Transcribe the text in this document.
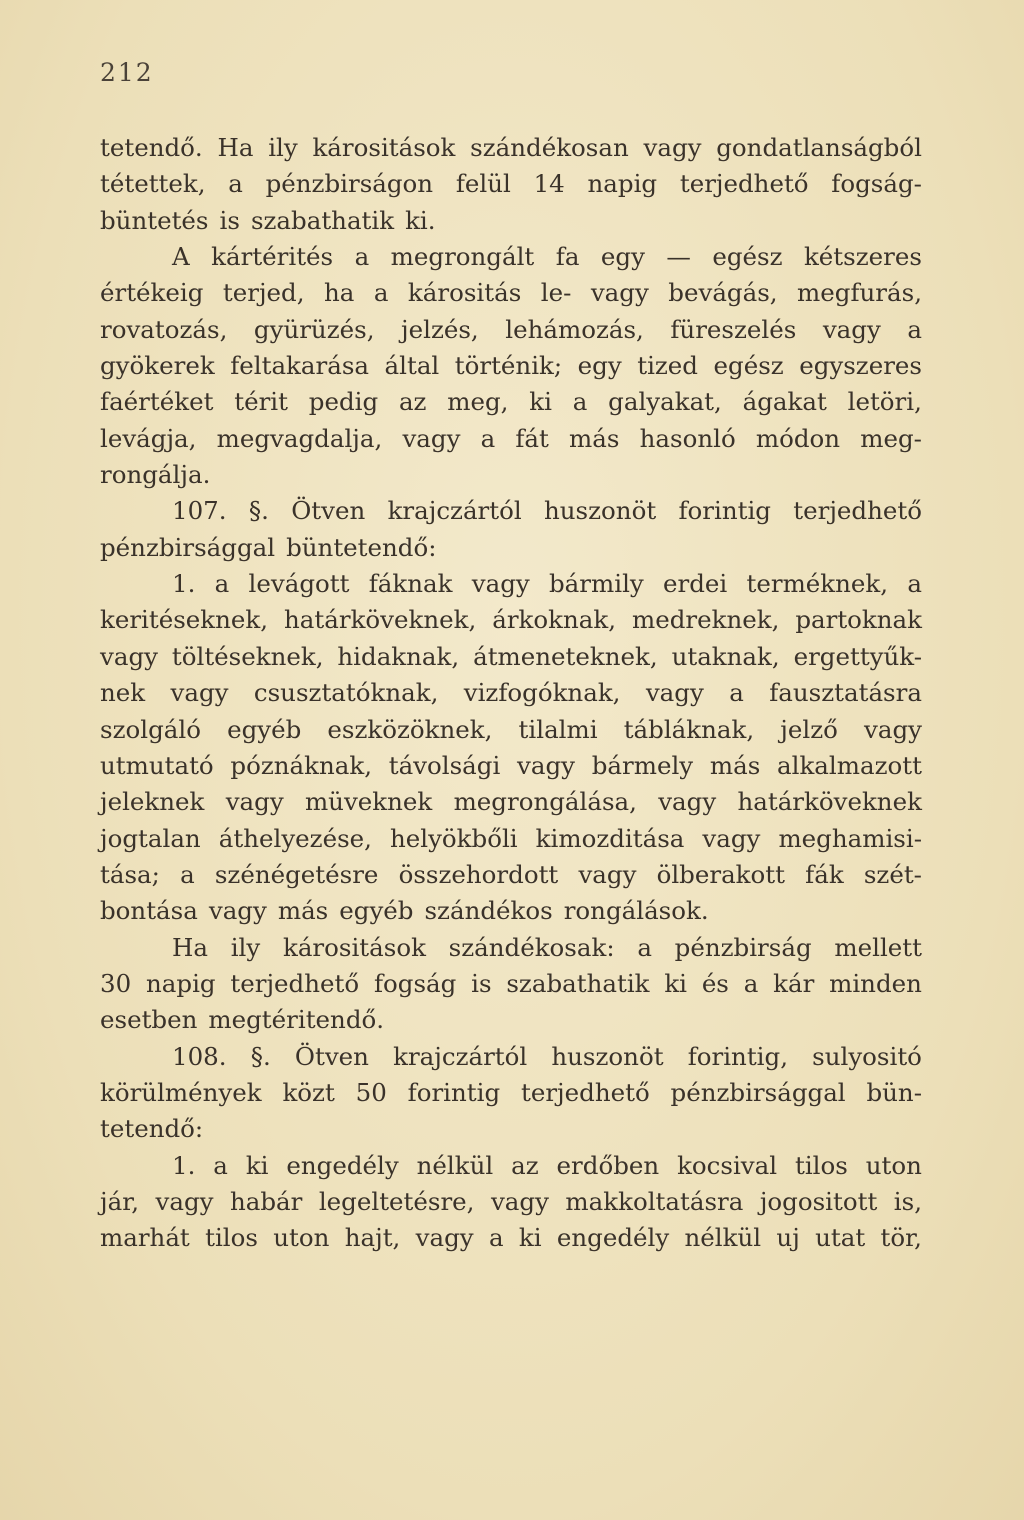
212
tetendő. Ha ily kárositások szándékosan vagy gondatlanságból
tétettek, a pénzbirságon felül 14 napig terjedhető fogság-
büntetés is szabathatik ki.
A kártérités a megrongált fa egy — egész kétszeres
értékeig terjed, ha a kárositás le- vagy bevágás, megfurás,
rovatozás, gyürüzés, jelzés, lehámozás, füreszelés vagy a
gyökerek feltakarása által történik; egy tized egész egyszeres
faértéket térit pedig az meg, ki a galyakat, ágakat letöri,
levágja, megvagdalja, vagy a fát más hasonló módon meg-
rongálja.
107. §. Ötven krajczártól huszonöt forintig terjedhető
pénzbirsággal büntetendő:
1. a levágott fáknak vagy bármily erdei terméknek, a
keritéseknek, határköveknek, árkoknak, medreknek, partoknak
vagy töltéseknek, hidaknak, átmeneteknek, utaknak, ergettyűk-
nek vagy csusztatóknak, vizfogóknak, vagy a fausztatásra
szolgáló egyéb eszközöknek, tilalmi tábláknak, jelző vagy
utmutató póznáknak, távolsági vagy bármely más alkalmazott
jeleknek vagy müveknek megrongálása, vagy határköveknek
jogtalan áthelyezése, helyökbőli kimozditása vagy meghamisi-
tása; a szénégetésre összehordott vagy ölberakott fák szét-
bontása vagy más egyéb szándékos rongálások.
Ha ily kárositások szándékosak: a pénzbirság mellett
30 napig terjedhető fogság is szabathatik ki és a kár minden
esetben megtéritendő.
108. §. Ötven krajczártól huszonöt forintig, sulyositó
körülmények közt 50 forintig terjedhető pénzbirsággal bün-
tetendő:
1. a ki engedély nélkül az erdőben kocsival tilos uton
jár, vagy habár legeltetésre, vagy makkoltatásra jogositott is,
marhát tilos uton hajt, vagy a ki engedély nélkül uj utat tör,
